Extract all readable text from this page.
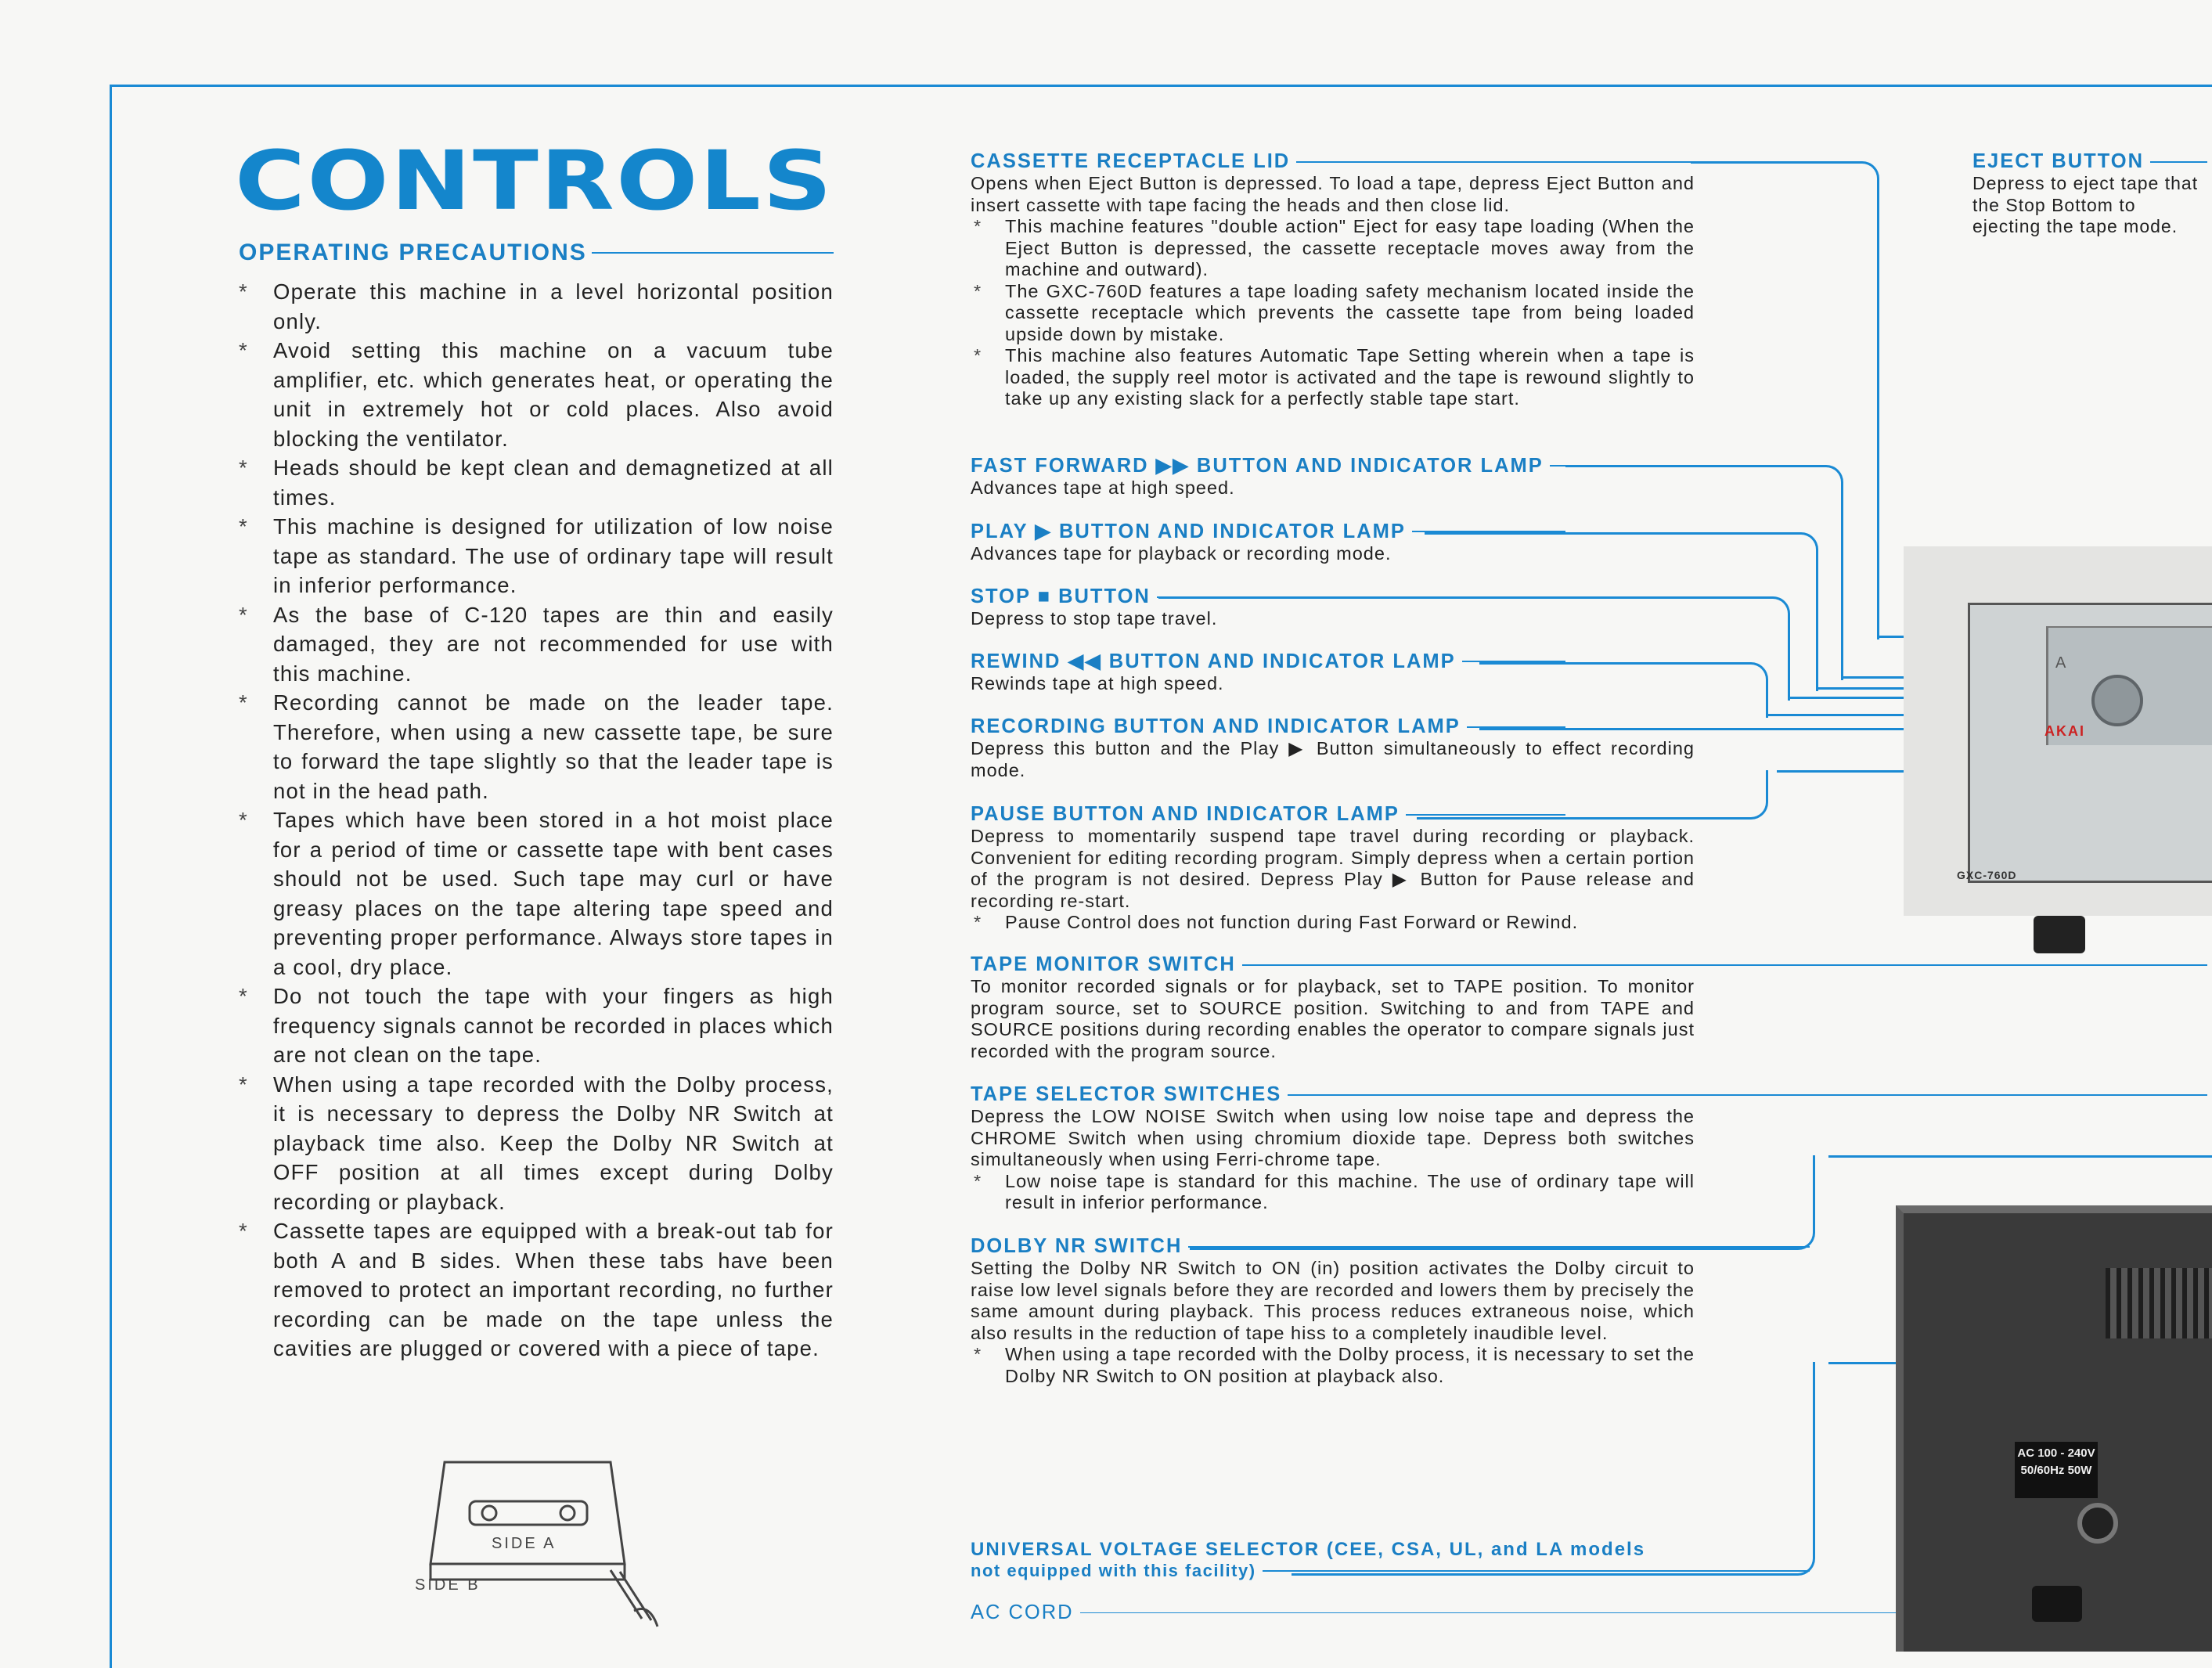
CONTROLS
OPERATING PRECAUTIONS
* Operate this machine in a level horizontal position only.
* Avoid setting this machine on a vacuum tube amplifier, etc. which generates heat, or operating the unit in extremely hot or cold places. Also avoid blocking the ventilator.
* Heads should be kept clean and demagnetized at all times.
* This machine is designed for utilization of low noise tape as standard. The use of ordinary tape will result in inferior performance.
* As the base of C-120 tapes are thin and easily damaged, they are not recommended for use with this machine.
* Recording cannot be made on the leader tape. Therefore, when using a new cassette tape, be sure to forward the tape slightly so that the leader tape is not in the head path.
* Tapes which have been stored in a hot moist place for a period of time or cassette tape with bent cases should not be used. Such tape may curl or have greasy places on the tape altering tape speed and preventing proper performance. Always store tapes in a cool, dry place.
* Do not touch the tape with your fingers as high frequency signals cannot be recorded in places which are not clean on the tape.
* When using a tape recorded with the Dolby process, it is necessary to depress the Dolby NR Switch at playback time also. Keep the Dolby NR Switch at OFF position at all times except during Dolby recording or playback.
* Cassette tapes are equipped with a break-out tab for both A and B sides. When these tabs have been removed to protect an important recording, no further recording can be made on the tape unless the cavities are plugged or covered with a piece of tape.
SIDE A
SIDE B
CASSETTE RECEPTACLE LID

Opens when Eject Button is depressed. To load a tape, depress Eject Button and insert cassette with tape facing the heads and then close lid.

* This machine features "double action" Eject for easy tape loading (When the Eject Button is depressed, the cassette receptacle moves away from the machine and outward).

* The GXC-760D features a tape loading safety mechanism located inside the cassette receptacle which prevents the cassette tape from being loaded upside down by mistake.

* This machine also features Automatic Tape Setting wherein when a tape is loaded, the supply reel motor is activated and the tape is rewound slightly to take up any existing slack for a perfectly stable tape start.

FAST FORWARD ▶▶ BUTTON AND INDICATOR LAMP

Advances tape at high speed.

PLAY ▶ BUTTON AND INDICATOR LAMP

Advances tape for playback or recording mode.

STOP ■ BUTTON

Depress to stop tape travel.

REWIND ◀◀ BUTTON AND INDICATOR LAMP

Rewinds tape at high speed.

RECORDING BUTTON AND INDICATOR LAMP

Depress this button and the Play ▶ Button simultaneously to effect recording mode.

PAUSE BUTTON AND INDICATOR LAMP

Depress to momentarily suspend tape travel during recording or playback. Convenient for editing recording program. Simply depress when a certain portion of the program is not desired. Depress Play ▶ Button for Pause release and recording re-start.

* Pause Control does not function during Fast Forward or Rewind.

TAPE MONITOR SWITCH

To monitor recorded signals or for playback, set to TAPE position. To monitor program source, set to SOURCE position. Switching to and from TAPE and SOURCE positions during recording enables the operator to compare signals just recorded with the program source.

TAPE SELECTOR SWITCHES

Depress the LOW NOISE Switch when using low noise tape and depress the CHROME Switch when using chromium dioxide tape. Depress both switches simultaneously when using Ferri-chrome tape.

* Low noise tape is standard for this machine. The use of ordinary tape will result in inferior performance.

DOLBY NR SWITCH

Setting the Dolby NR Switch to ON (in) position activates the Dolby circuit to raise low level signals before they are recorded and lowers them by precisely the same amount during playback. This process reduces extraneous noise, which also results in the reduction of tape hiss to a completely inaudible level.

* When using a tape recorded with the Dolby process, it is necessary to set the Dolby NR Switch to ON position at playback also.

UNIVERSAL VOLTAGE SELECTOR (CEE, CSA, UL, and LA models
not equipped with this facility)
AC CORD
EJECT BUTTON

Depress to eject tape that the Stop Bottom to ejecting the tape mode.

A
AKAI
GXC-760D
AC 100 - 240V
50/60Hz 50W
